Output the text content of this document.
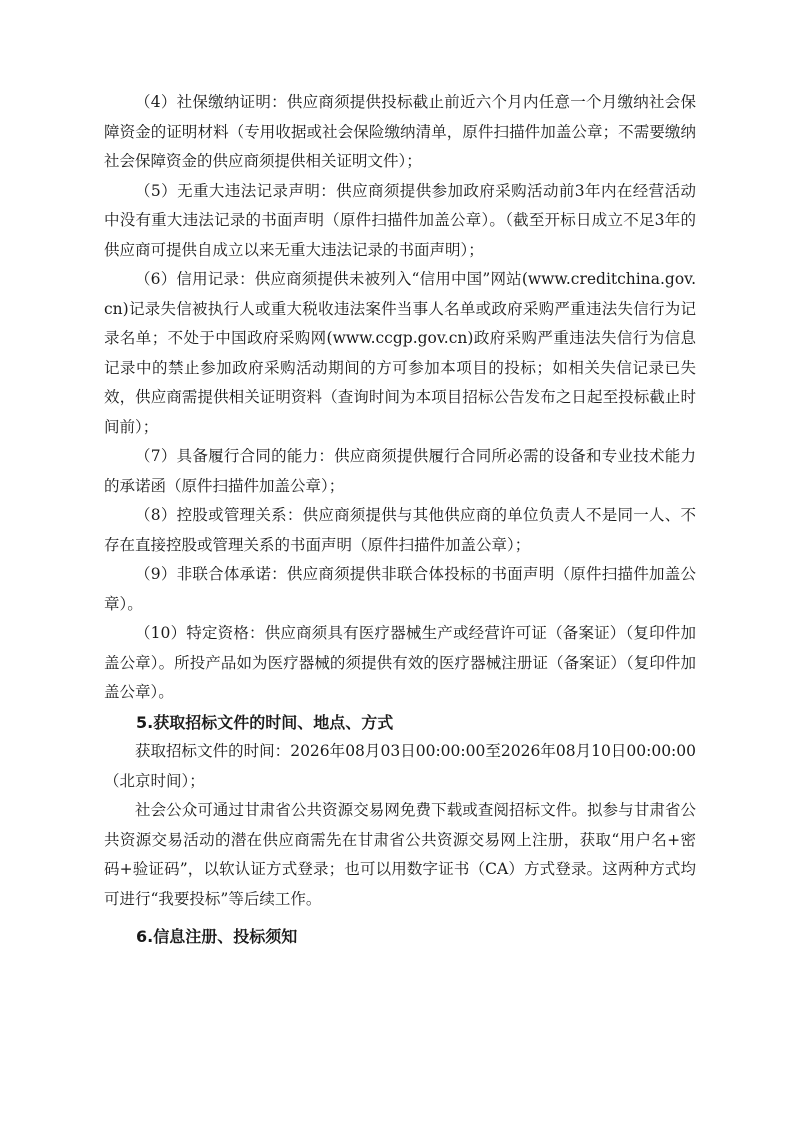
（4）社保缴纳证明：供应商须提供投标截止前近六个月内任意一个月缴纳社会保障资金的证明材料（专用收据或社会保险缴纳清单，原件扫描件加盖公章；不需要缴纳社会保障资金的供应商须提供相关证明文件）；

（5）无重大违法记录声明：供应商须提供参加政府采购活动前3年内在经营活动中没有重大违法记录的书面声明（原件扫描件加盖公章）。（截至开标日成立不足3年的供应商可提供自成立以来无重大违法记录的书面声明）；

（6）信用记录：供应商须提供未被列入“信用中国”网站(www.creditchina.gov.cn)记录失信被执行人或重大税收违法案件当事人名单或政府采购严重违法失信行为记录名单；不处于中国政府采购网(www.ccgp.gov.cn)政府采购严重违法失信行为信息记录中的禁止参加政府采购活动期间的方可参加本项目的投标；如相关失信记录已失效，供应商需提供相关证明资料（查询时间为本项目招标公告发布之日起至投标截止时间前）；

（7）具备履行合同的能力：供应商须提供履行合同所必需的设备和专业技术能力的承诺函（原件扫描件加盖公章）；

（8）控股或管理关系：供应商须提供与其他供应商的单位负责人不是同一人、不存在直接控股或管理关系的书面声明（原件扫描件加盖公章）；

（9）非联合体承诺：供应商须提供非联合体投标的书面声明（原件扫描件加盖公章）。

（10）特定资格：供应商须具有医疗器械生产或经营许可证（备案证）（复印件加盖公章）。所投产品如为医疗器械的须提供有效的医疗器械注册证（备案证）（复印件加盖公章）。

5.获取招标文件的时间、地点、方式

获取招标文件的时间：2026年08月03日00:00:00至2026年08月10日00:00:00（北京时间）；

社会公众可通过甘肃省公共资源交易网免费下载或查阅招标文件。拟参与甘肃省公共资源交易活动的潜在供应商需先在甘肃省公共资源交易网上注册，获取“用户名+密码+验证码”，以软认证方式登录；也可以用数字证书（CA）方式登录。这两种方式均可进行“我要投标”等后续工作。

6.信息注册、投标须知
